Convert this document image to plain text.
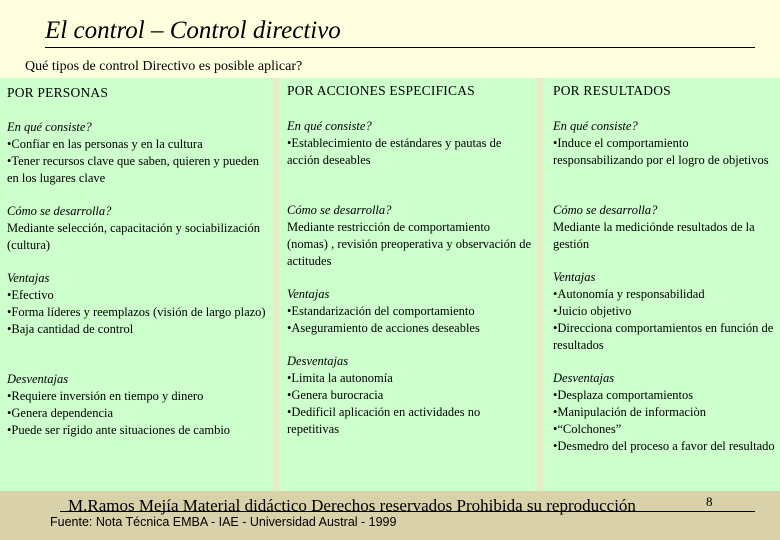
El control – Control directivo
Qué tipos de control Directivo es posible aplicar?
POR PERSONAS
En qué consiste?
•Confiar en las personas y en la cultura
•Tener recursos clave que saben, quieren y pueden en los lugares clave
Cómo se desarrolla?
Mediante selección, capacitación y sociabilización (cultura)
Ventajas
•Efectivo
•Forma líderes y reemplazos (visión de largo plazo)
•Baja cantidad de control
Desventajas
•Requiere inversión en tiempo y dinero
•Genera dependencia
•Puede ser rígido ante situaciones de cambio
POR ACCIONES ESPECIFICAS
En qué consiste?
•Establecimiento de estándares y pautas de acción deseables
Cómo se desarrolla?
Mediante restricción de comportamiento (nomas) , revisión preoperativa y observación de actitudes
Ventajas
•Estandarización del comportamiento
•Aseguramiento de acciones deseables
Desventajas
•Limita la autonomía
•Genera burocracia
•Dedificil aplicación en actividades no repetitivas
POR RESULTADOS
En qué consiste?
•Induce el comportamiento responsabilizando por el logro de objetivos
Cómo se desarrolla?
Mediante la mediciónde resultados de la gestión
Ventajas
•Autonomía y responsabilidad
•Juicio objetivo
•Direcciona comportamientos en función de resultados
Desventajas
•Desplaza comportamientos
•Manipulación de informaciòn
•“Colchones”
•Desmedro del proceso a favor del resultado
M.Ramos Mejía Material didáctico Derechos reservados Prohibida su reproducción	8
Fuente: Nota Técnica EMBA - IAE - Universidad Austral - 1999
